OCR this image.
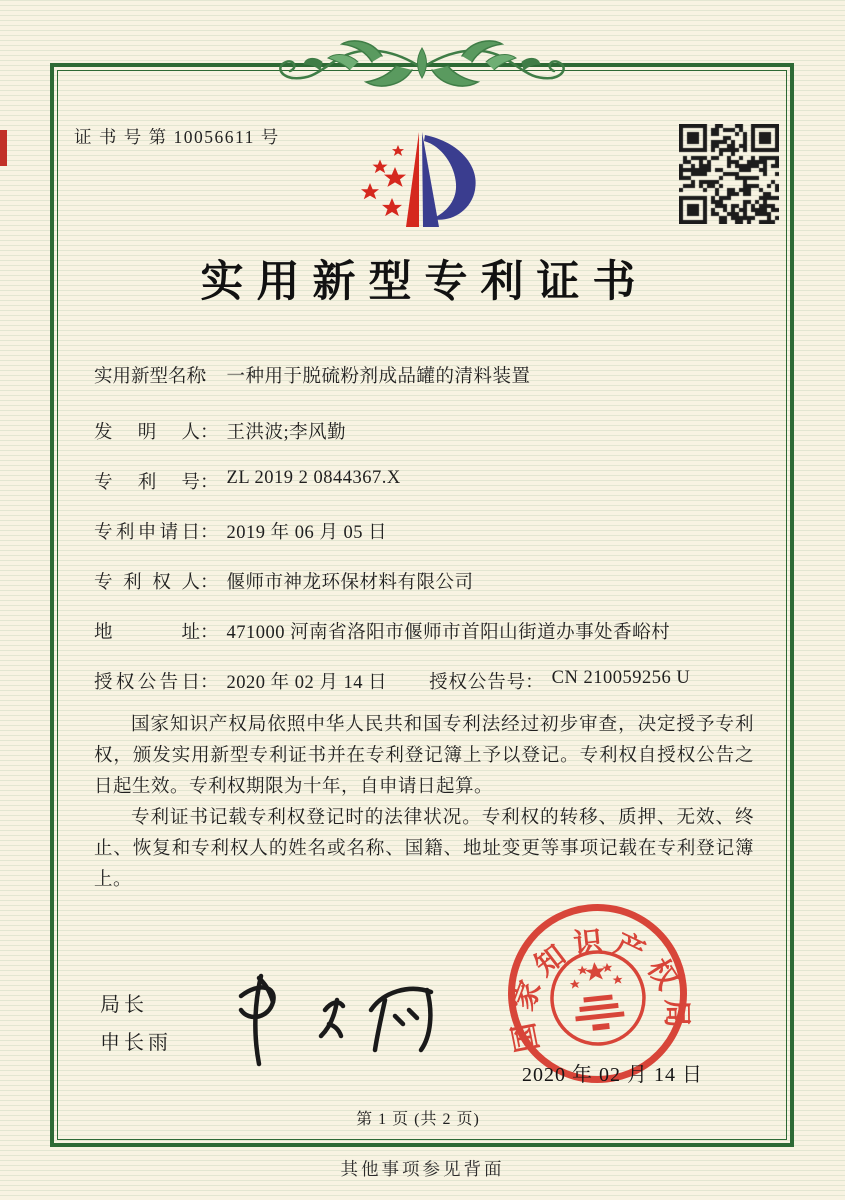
证 书 号 第 10056611 号
实用新型专利证书
实用新型名称
： 一种用于脱硫粉剂成品罐的清料装置
发明人 ： 王洪波;李风勤
专利号 ： ZL 2019 2 0844367.X
专利申请日 ： 2019 年 06 月 05 日
专利权人 ： 偃师市神龙环保材料有限公司
地址 ： 471000 河南省洛阳市偃师市首阳山街道办事处香峪村
授权公告日 ： 2020 年 02 月 14 日 授权公告号 ： CN 210059256 U

国家知识产权局依照中华人民共和国专利法经过初步审查，决定授予专利权，颁发实用新型专利证书并在专利登记簿上予以登记。专利权自授权公告之日起生效。专利权期限为十年，自申请日起算。

专利证书记载专利权登记时的法律状况。专利权的转移、质押、无效、终止、恢复和专利权人的姓名或名称、国籍、地址变更等事项记载在专利登记簿上。

局长
申长雨	国家知识产权局
2020 年 02 月 14 日
第 1 页 (共 2 页)
其他事项参见背面
